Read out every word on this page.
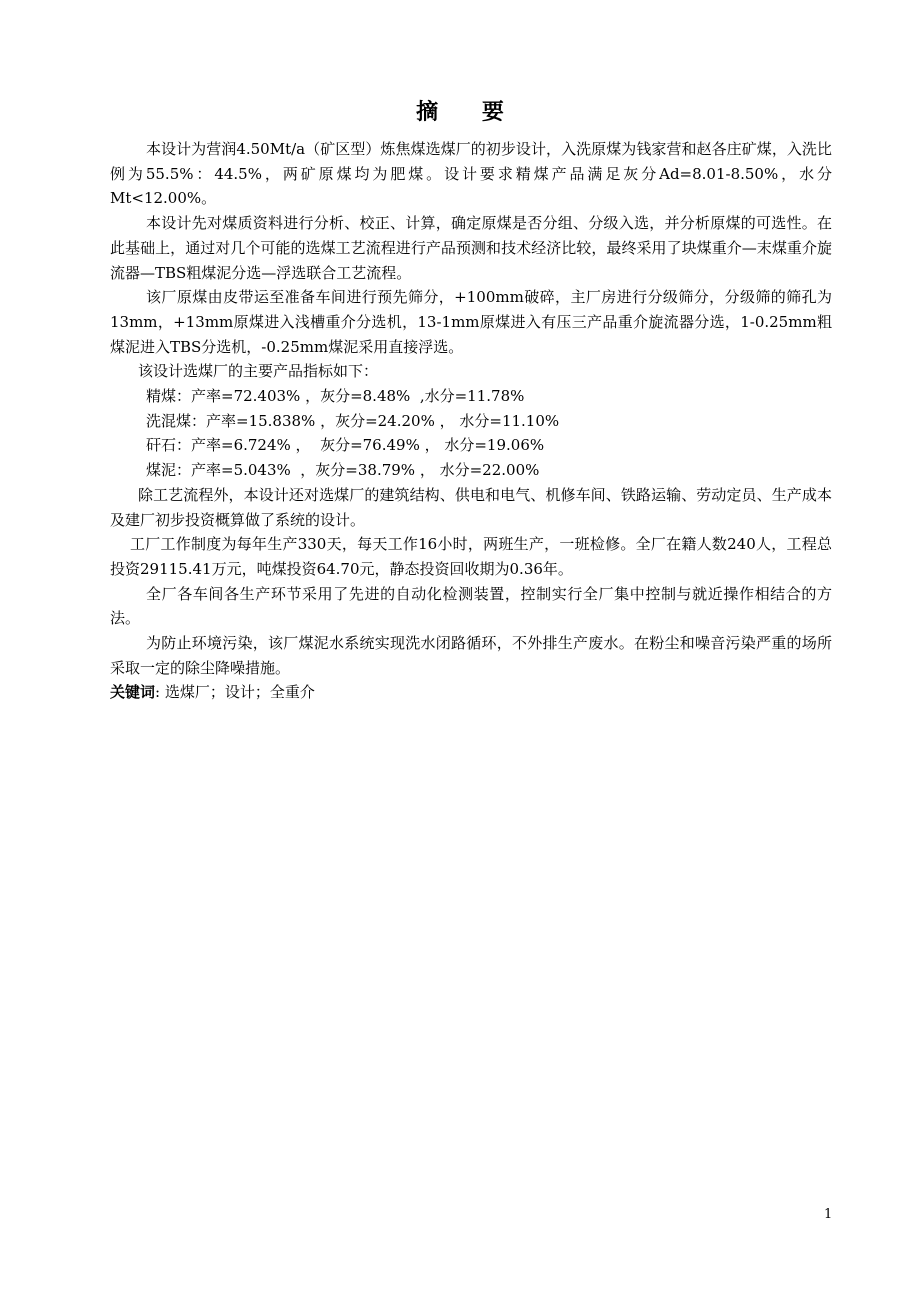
摘 要

本设计为营润4.50Mt/a（矿区型）炼焦煤选煤厂的初步设计，入洗原煤为钱家营和赵各庄矿煤，入洗比例为55.5%：44.5%，两矿原煤均为肥煤。设计要求精煤产品满足灰分Ad=8.01-8.50%，水分Mt<12.00%。

本设计先对煤质资料进行分析、校正、计算，确定原煤是否分组、分级入选，并分析原煤的可选性。在此基础上，通过对几个可能的选煤工艺流程进行产品预测和技术经济比较，最终采用了块煤重介—末煤重介旋流器—TBS粗煤泥分选—浮选联合工艺流程。

该厂原煤由皮带运至准备车间进行预先筛分，+100mm破碎，主厂房进行分级筛分，分级筛的筛孔为13mm，+13mm原煤进入浅槽重介分选机，13-1mm原煤进入有压三产品重介旋流器分选，1-0.25mm粗煤泥进入TBS分选机，-0.25mm煤泥采用直接浮选。

该设计选煤厂的主要产品指标如下：

精煤：产率=72.403% ，灰分=8.48%  ,水分=11.78%

洗混煤：产率=15.838% ，灰分=24.20% ， 水分=11.10%

矸石：产率=6.724% ，  灰分=76.49% ， 水分=19.06%

煤泥：产率=5.043%  ，灰分=38.79% ， 水分=22.00%

除工艺流程外，本设计还对选煤厂的建筑结构、供电和电气、机修车间、铁路运输、劳动定员、生产成本及建厂初步投资概算做了系统的设计。

工厂工作制度为每年生产330天，每天工作16小时，两班生产，一班检修。全厂在籍人数240人，工程总投资29115.41万元，吨煤投资64.70元，静态投资回收期为0.36年。

全厂各车间各生产环节采用了先进的自动化检测装置，控制实行全厂集中控制与就近操作相结合的方法。

为防止环境污染，该厂煤泥水系统实现洗水闭路循环，不外排生产废水。在粉尘和噪音污染严重的场所采取一定的除尘降噪措施。

关键词: 选煤厂；设计；全重介

1
